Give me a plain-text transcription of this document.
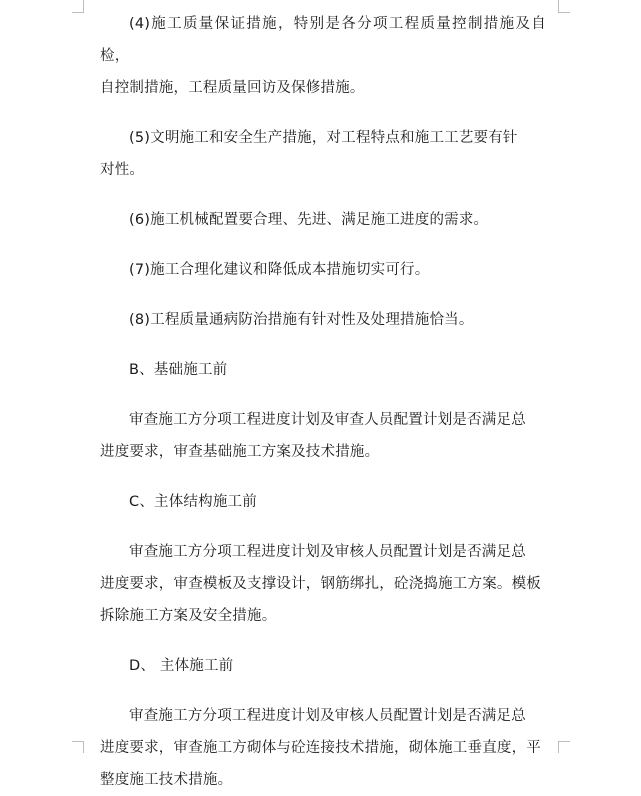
(4)施工质量保证措施，特别是各分项工程质量控制措施及自检，
自控制措施，工程质量回访及保修措施。

(5)文明施工和安全生产措施，对工程特点和施工工艺要有针
对性。

(6)施工机械配置要合理、先进、满足施工进度的需求。

(7)施工合理化建议和降低成本措施切实可行。

(8)工程质量通病防治措施有针对性及处理措施恰当。

B、基础施工前

审查施工方分项工程进度计划及审查人员配置计划是否满足总
进度要求，审查基础施工方案及技术措施。

C、主体结构施工前

审查施工方分项工程进度计划及审核人员配置计划是否满足总
进度要求，审查模板及支撑设计，钢筋绑扎，砼浇捣施工方案。模板
拆除施工方案及安全措施。

D、 主体施工前

审查施工方分项工程进度计划及审核人员配置计划是否满足总
进度要求，审查施工方砌体与砼连接技术措施，砌体施工垂直度，平
整度施工技术措施。
